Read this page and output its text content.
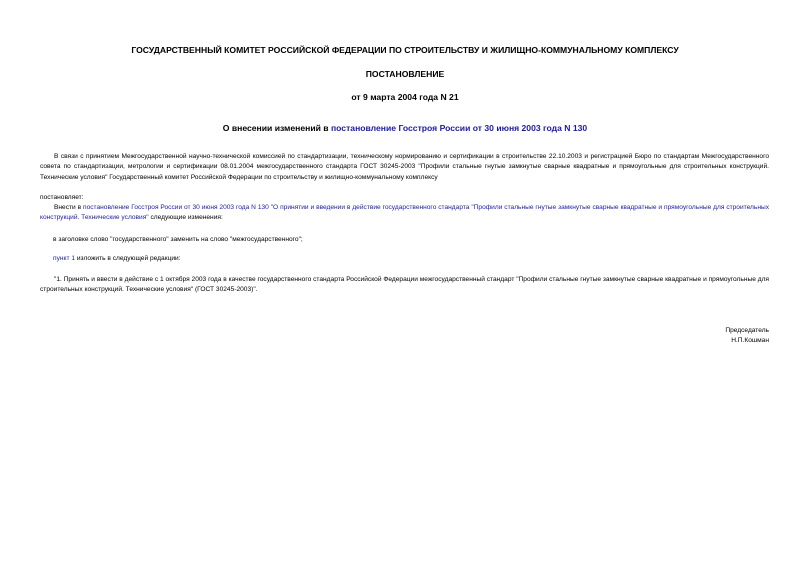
ГОСУДАРСТВЕННЫЙ КОМИТЕТ РОССИЙСКОЙ ФЕДЕРАЦИИ ПО СТРОИТЕЛЬСТВУ И ЖИЛИЩНО-КОММУНАЛЬНОМУ КОМПЛЕКСУ
ПОСТАНОВЛЕНИЕ
от 9 марта 2004 года N 21
О внесении изменений в постановление Госстроя России от 30 июня 2003 года N 130
В связи с принятием Межгосударственной научно-технической комиссией по стандартизации, техническому нормированию и сертификации в строительстве 22.10.2003 и регистрацией Бюро по стандартам Межгосударственного совета по стандартизации, метрологии и сертификации 08.01.2004 межгосударственного стандарта ГОСТ 30245-2003 "Профили стальные гнутые замкнутые сварные квадратные и прямоугольные для строительных конструкций. Технические условия" Государственный комитет Российской Федерации по строительству и жилищно-коммунальному комплексу
постановляет:
Внести в постановление Госстроя России от 30 июня 2003 года N 130 "О принятии и введении в действие государственного стандарта "Профили стальные гнутые замкнутые сварные квадратные и прямоугольные для строительных конструкций. Технические условия" следующие изменения:
в заголовке слово "государственного" заменить на слово "межгосударственного";
пункт 1 изложить в следующей редакции:
"1. Принять и ввести в действие с 1 октября 2003 года в качестве государственного стандарта Российской Федерации межгосударственный стандарт "Профили стальные гнутые замкнутые сварные квадратные и прямоугольные для строительных конструкций. Технические условия" (ГОСТ 30245-2003)".
Председатель
Н.П.Кошман
